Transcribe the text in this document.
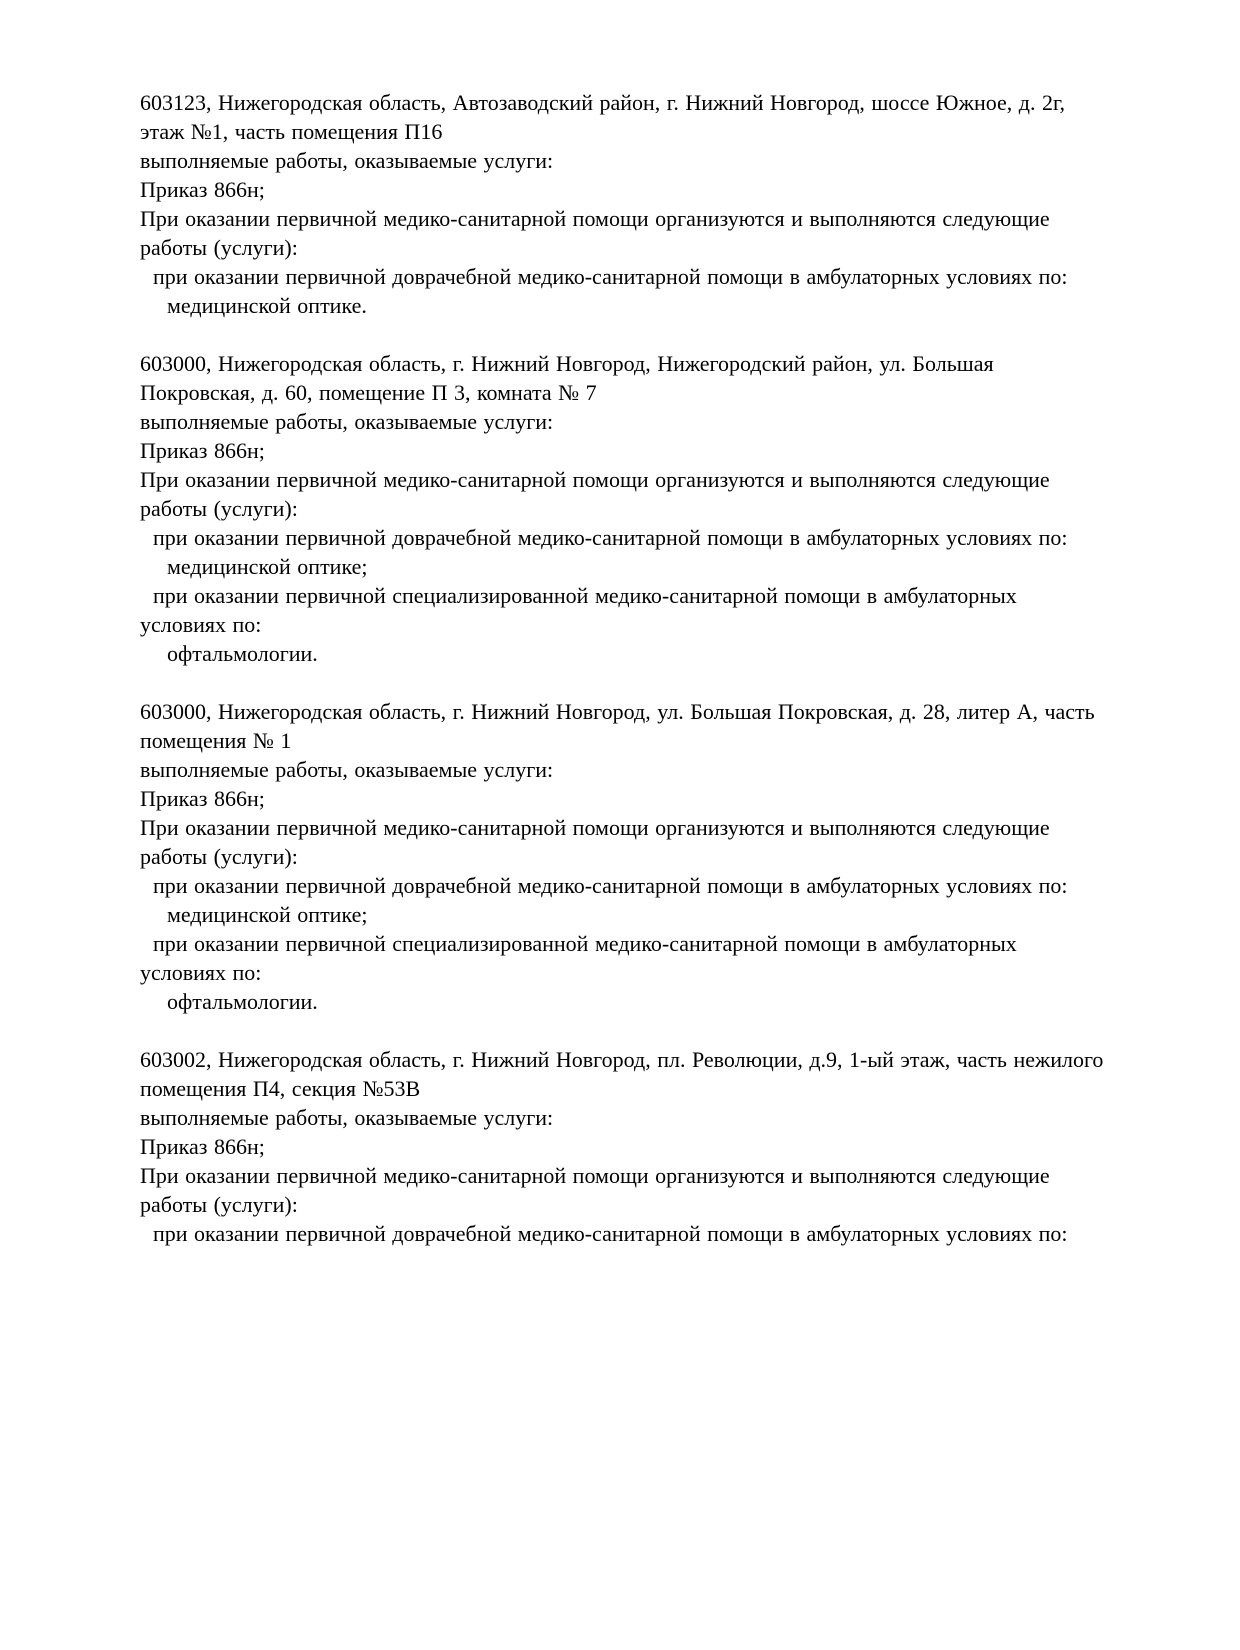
603123, Нижегородская область, Автозаводский район, г. Нижний Новгород, шоссе Южное, д. 2г, этаж №1, часть помещения П16

выполняемые работы, оказываемые услуги:

Приказ 866н;

При оказании первичной медико-санитарной помощи организуются и выполняются следующие работы (услуги):

при оказании первичной доврачебной медико-санитарной помощи в амбулаторных условиях по:

медицинской оптике.

603000, Нижегородская область, г. Нижний Новгород, Нижегородский район, ул. Большая Покровская, д. 60, помещение П 3, комната № 7

выполняемые работы, оказываемые услуги:

Приказ 866н;

При оказании первичной медико-санитарной помощи организуются и выполняются следующие работы (услуги):

при оказании первичной доврачебной медико-санитарной помощи в амбулаторных условиях по:

медицинской оптике;

при оказании первичной специализированной медико-санитарной помощи в амбулаторных условиях по:

офтальмологии.

603000, Нижегородская область, г. Нижний Новгород, ул. Большая Покровская, д. 28, литер А, часть помещения № 1

выполняемые работы, оказываемые услуги:

Приказ 866н;

При оказании первичной медико-санитарной помощи организуются и выполняются следующие работы (услуги):

при оказании первичной доврачебной медико-санитарной помощи в амбулаторных условиях по:

медицинской оптике;

при оказании первичной специализированной медико-санитарной помощи в амбулаторных условиях по:

офтальмологии.

603002, Нижегородская область, г. Нижний Новгород, пл. Революции, д.9, 1-ый этаж, часть нежилого помещения П4, секция №53В

выполняемые работы, оказываемые услуги:

Приказ 866н;

При оказании первичной медико-санитарной помощи организуются и выполняются следующие работы (услуги):

при оказании первичной доврачебной медико-санитарной помощи в амбулаторных условиях по:
